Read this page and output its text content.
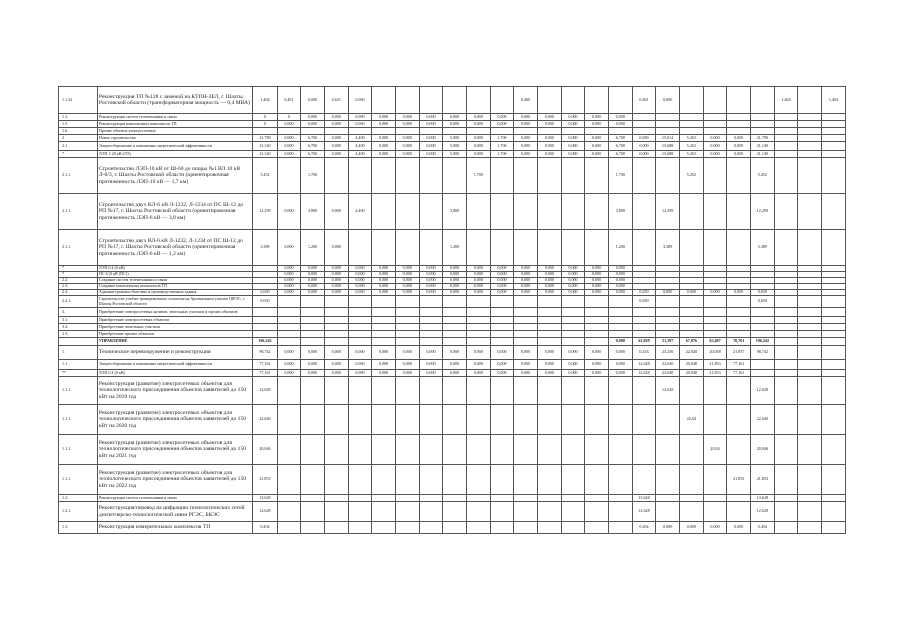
1.1.42	Реконструкция ТП №128 с заменой на КТПН-ЗЕЛ, г. Шахты Ростовской области (трансформаторная мощность — 0,4 МВА)	1,404	0,401	0,000	0,631	0,000							0,400					0,401	0,000					1,404		1,404
1.3.	Реконструкция систем телемеханики и связи	0	0	0,000	0,000	0,000	0,000	0,000	0,000	0,000	0,000	0,000	0,000	0,000	0,000	0,000	0,000									
1.5.	Реконструкция комплектных комплексов ТП	0	0,000	0,000	0,000	0,000	0,000	0,000	0,000	0,000	0,000	0,000	0,000	0,000	0,000	0,000	0,000									
1.6.	Прочие объекты электросетевые																									
2.	Новое строительство	21,790	0,000	6,700	0,000	4,400	0,000	0,000	0,000	5,000	0,000	1,700	0,000	0,000	0,000	0,000	6,700	0,690	15,014	5,452	0,000	0,000	21,790			
2.1.	Энергосбережение и повышение энергетической эффективности	21,140	0,000	6,700	0,000	4,400	0,000	0,000	0,000	5,000	0,000	1,700	0,000	0,000	0,000	0,000	6,700	0,000	15,688	5,452	0,000	0,000	21,140			
*	ЛЭП 1-20 кВ (ЛЭ)	21,140	0,000	6,700	0,000	4,400	0,000	0,000	0,000	5,000	0,000	1,700	0,000	0,000	0,000	0,000	6,700	0,000	15,688	5,452	0,000	0,000	21,140			
2.1.1.	Строительство ЛЭП-10 кВ от Ш-60 до опоры №1 ВЛ 10 кВ Л-6/3, г. Шахты Ростовской области (ориентировочная протяженность ЛЭП-10 кВ — 1,7 км)	5,452		1,700							1,700						1,700			5,452			5,452			
2.1.1.	Строительство двух КЛ-6 кВ Л-1232, Л-1234 от ПС Ш-12 до РП №17, г. Шахты Ростовской области (ориентировочная протяженность ЛЭП-6 кВ — 3,8 км)	12,299	0,000	3,800	0,000	4,400				3,800							3,800		12,299				12,299			
2.1.1.	Строительство двух ВЛ-6 кВ Л-1232, Л-1234 от ПС Ш-12 до РП №17, г. Шахты Ростовской области (ориентировочная протяженность ЛЭП-6 кВ — 1,2 км)	3,389	0,000	1,200	0,000					1,200							1,200		3,389				3,389			
*	ЛЭП 0,4 (0 кВ)		0,000	0,000	0,000	0,000	0,000	0,000	0,000	0,000	0,000	0,000	0,000	0,000	0,000	0,000	0,000									
*	ПС 6 (0 кВ (ПС))		0,000	0,000	0,000	0,000	0,000	0,000	0,000	0,000	0,000	0,000	0,000	0,000	0,000	0,000	0,000									
2.2.	Создание систем телемеханики и связи		0,000	0,000	0,000	0,000	0,000	0,000	0,000	0,000	0,000	0,000	0,000	0,000	0,000	0,000	0,000									
2.3.	Создание комплектных комплексов ТП		0,000	0,000	0,000	0,000	0,000	0,000	0,000	0,000	0,000	0,000	0,000	0,000	0,000	0,000	0,000									
2.4.	Административно-бытовые и производственные здания	0,650	0,000	0,000	0,000	0,000	0,000	0,000	0,000	0,000	0,000	0,000	0,000	0,000	0,000	0,000	0,000	0,650	0,000	0,000	0,000	0,000	0,650			
2.4.1.	Строительство учебно-тренировочного полигона на Арсенальном участке ШРЭС, г. Шахты Ростовской области	0,650																0,650					0,650			
3.	Приобретение электросетевых активов, земельных участков и прочих объектов																									
3.1.	Приобретение электросетевых объектов																									
3.2.	Приобретение земельных участков																									
3.3.	Приобретение прочих объектов																									
	УПРАВЛЕНИЕ	196,242															0,000	61,829	21,397	67,076	65,407	70,701	196,242			
1.	Техническое перевооружение и реконструкция	98,742	0,000	0,000	0,000	0,000	0,000	0,000	0,000	0,000	0,000	0,000	0,000	0,000	0,000	0,000	0,000	0,433	25,256	22,640	20,048	21,837	98,742			
1.1.	Энергосбережение и повышение энергетической эффективности	77,161	0,000	0,000	0,000	0,000	0,000	0,000	0,000	0,000	0,000	0,000	0,000	0,000	0,000	0,000	0,000	12,628	22,640	20,048	21,853	77,161				
**	ЛЭП 0,4 (0 кВ)	77,161	0,000	0,000	0,000	0,000	0,000	0,000	0,000	0,000	0,000	0,000	0,000	0,000	0,000	0,000	0,000	12,628	22,640	20,048	21,853	77,161				
1.1.1.	Реконструкция (развитие) электросетевых объектов для технологического присоединения объектов заявителей до 150 кВт на 2019 год	12,628																	12,628				12,628			
1.1.1.	Реконструкция (развитие) электросетевых объектов для технологического присоединения объектов заявителей до 150 кВт на 2020 год	22,640																		22,64			22,640			
1.1.1.	Реконструкция (развитие) электросетевых объектов для технологического присоединения объектов заявителей до 150 кВт на 2021 год	20,046																			20,04		20,046			
1.1.1.	Реконструкция (развитие) электросетевых объектов для технологического присоединения объектов заявителей до 150 кВт на 2022 год	21,853																				21,853	21,853			
1.2.	Реконструкция систем телемеханики и связи	13,628																13,628					13,628			
1.2.1.	Реконструкция/перевод на цифрацию технологических сетей диспетчерско-технологической связи РГЭС, БКЭС	12,628																12,628					12,628			
1.3.	Реконструкция измерительных комплексов ТП	0,454																0,454	0,000	0,000	0,000	0,000	0,454			
